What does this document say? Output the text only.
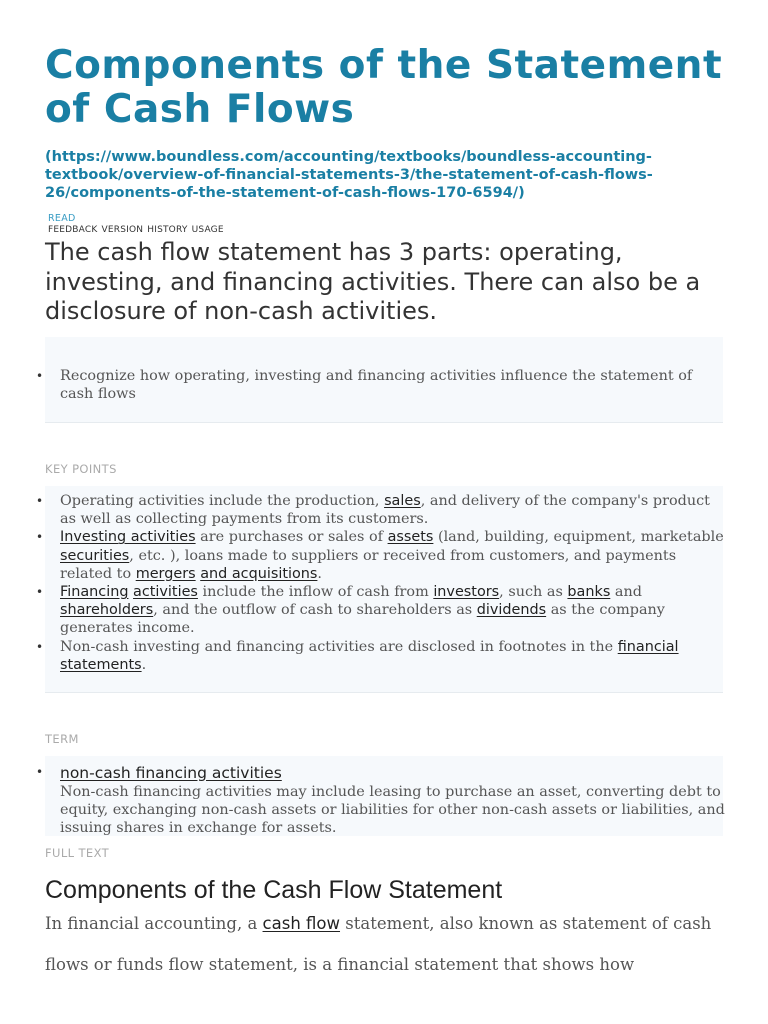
Components of the Statement of Cash Flows
(https://www.boundless.com/accounting/textbooks/boundless-accounting-textbook/overview-of-financial-statements-3/the-statement-of-cash-flows-26/components-of-the-statement-of-cash-flows-170-6594/)
READ
FEEDBACK VERSION HISTORY USAGE
The cash flow statement has 3 parts: operating, investing, and financing activities. There can also be a disclosure of non-cash activities.
• Recognize how operating, investing and financing activities influence the statement of cash flows
KEY POINTS
• Operating activities include the production, sales, and delivery of the company's product as well as collecting payments from its customers.
• Investing activities are purchases or sales of assets (land, building, equipment, marketable securities, etc. ), loans made to suppliers or received from customers, and payments related to mergers and acquisitions.
• Financing activities include the inflow of cash from investors, such as banks and shareholders, and the outflow of cash to shareholders as dividends as the company generates income.
• Non-cash investing and financing activities are disclosed in footnotes in the financial statements.
TERM
• non-cash financing activities
Non-cash financing activities may include leasing to purchase an asset, converting debt to equity, exchanging non-cash assets or liabilities for other non-cash assets or liabilities, and issuing shares in exchange for assets.
FULL TEXT
Components of the Cash Flow Statement
In financial accounting, a cash flow statement, also known as statement of cash flows or funds flow statement, is a financial statement that shows how
